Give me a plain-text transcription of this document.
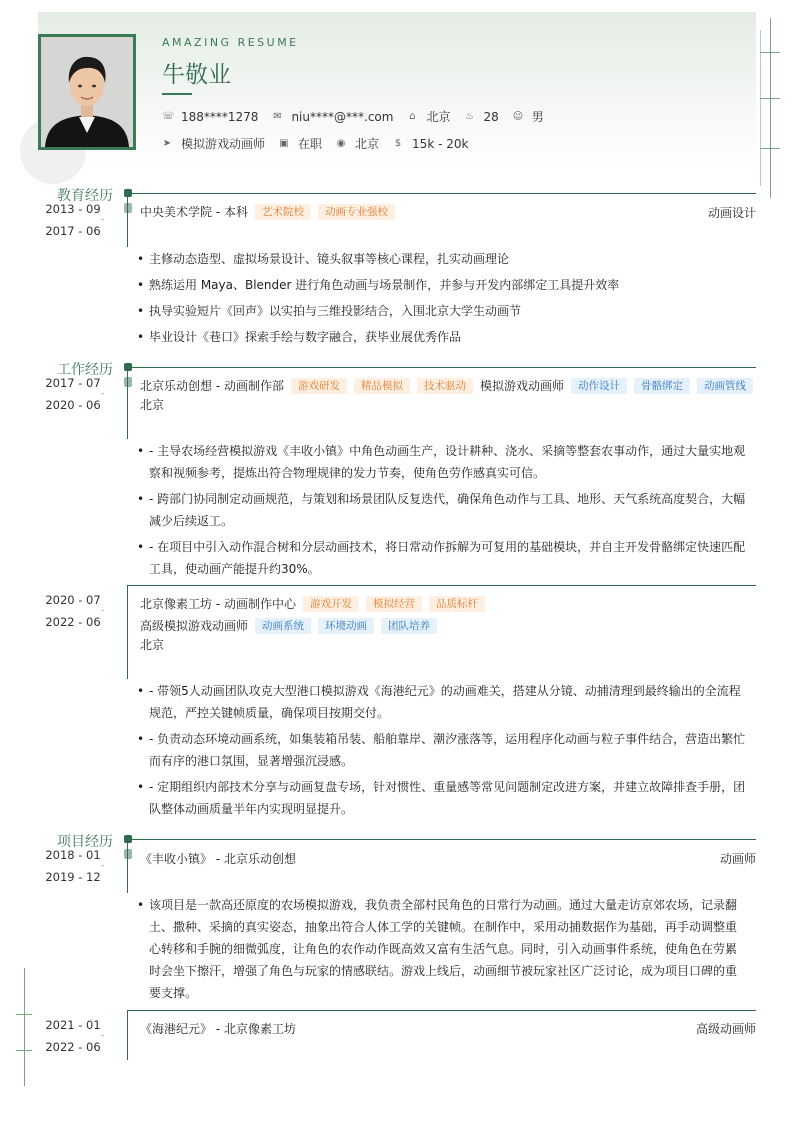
AMAZING RESUME
牛敬业
☏ 188****1278 ✉ niu****@***.com ⌂ 北京 ♨ 28 ☺ 男
➤ 模拟游戏动画师 ▣ 在职 ◉ 北京 $ 15k - 20k
教育经历
2013 - 09
-
2017 - 06
中央美术学院 - 本科	艺术院校	动画专业强校	动画设计
• 主修动态造型、虚拟场景设计、镜头叙事等核心课程，扎实动画理论
• 熟练运用 Maya、Blender 进行角色动画与场景制作，并参与开发内部绑定工具提升效率
• 执导实验短片《回声》以实拍与三维投影结合，入围北京大学生动画节
• 毕业设计《巷口》探索手绘与数字融合，获毕业展优秀作品
工作经历
2017 - 07
-
2020 - 06
北京乐动创想 - 动画制作部	游戏研发	精品模拟	技术驱动	模拟游戏动画师	动作设计	骨骼绑定	动画管线
北京
• - 主导农场经营模拟游戏《丰收小镇》中角色动画生产，设计耕种、浇水、采摘等整套农事动作，通过大量实地观察和视频参考，提炼出符合物理规律的发力节奏，使角色劳作感真实可信。
• - 跨部门协同制定动画规范，与策划和场景团队反复迭代，确保角色动作与工具、地形、天气系统高度契合，大幅减少后续返工。
• - 在项目中引入动作混合树和分层动画技术，将日常动作拆解为可复用的基础模块，并自主开发骨骼绑定快速匹配工具，使动画产能提升约30%。
2020 - 07
-
2022 - 06
北京像素工坊 - 动画制作中心	游戏开发	模拟经营	品质标杆
高级模拟游戏动画师	动画系统	环境动画	团队培养
北京
• - 带领5人动画团队攻克大型港口模拟游戏《海港纪元》的动画难关，搭建从分镜、动捕清理到最终输出的全流程规范，严控关键帧质量，确保项目按期交付。
• - 负责动态环境动画系统，如集装箱吊装、船舶靠岸、潮汐涨落等，运用程序化动画与粒子事件结合，营造出繁忙而有序的港口氛围，显著增强沉浸感。
• - 定期组织内部技术分享与动画复盘专场，针对惯性、重量感等常见问题制定改进方案，并建立故障排查手册，团队整体动画质量半年内实现明显提升。
项目经历
2018 - 01
-
2019 - 12
《丰收小镇》 - 北京乐动创想	动画师
• 该项目是一款高还原度的农场模拟游戏，我负责全部村民角色的日常行为动画。通过大量走访京郊农场，记录翻土、撒种、采摘的真实姿态，抽象出符合人体工学的关键帧。在制作中，采用动捕数据作为基础，再手动调整重心转移和手腕的细微弧度，让角色的农作动作既高效又富有生活气息。同时，引入动画事件系统，使角色在劳累时会坐下擦汗，增强了角色与玩家的情感联结。游戏上线后，动画细节被玩家社区广泛讨论，成为项目口碑的重要支撑。
2021 - 01
-
2022 - 06
《海港纪元》 - 北京像素工坊	高级动画师
